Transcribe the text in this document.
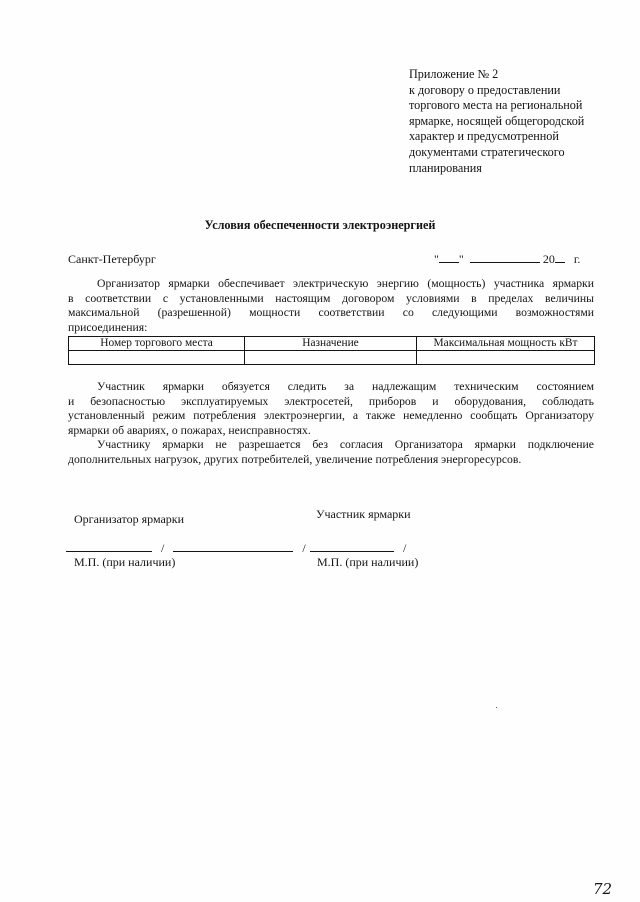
Приложение № 2
к договору о предоставлении
торгового места на региональной
ярмарке, носящей общегородской
характер и предусмотренной
документами стратегического
планирования
Условия обеспеченности электроэнергией
Санкт-Петербург	" "	20 г.
Организатор ярмарки обеспечивает электрическую энергию (мощность) участника ярмарки
в соответствии с установленными настоящим договором условиями в пределах величины
максимальной (разрешенной) мощности соответствии со следующими возможностями
присоединения:
Номер торгового места	Назначение	Максимальная мощность кВт

Участник ярмарки обязуется следить за надлежащим техническим состоянием
и безопасностью эксплуатируемых электросетей, приборов и оборудования, соблюдать
установленный режим потребления электроэнергии, а также немедленно сообщать Организатору
ярмарки об авариях, о пожарах, неисправностях.
Участнику ярмарки не разрешается без согласия Организатора ярмарки подключение
дополнительных нагрузок, других потребителей, увеличение потребления энергоресурсов.
Организатор ярмарки	Участник ярмарки
/	/	/
М.П. (при наличии)	М.П. (при наличии)
72
